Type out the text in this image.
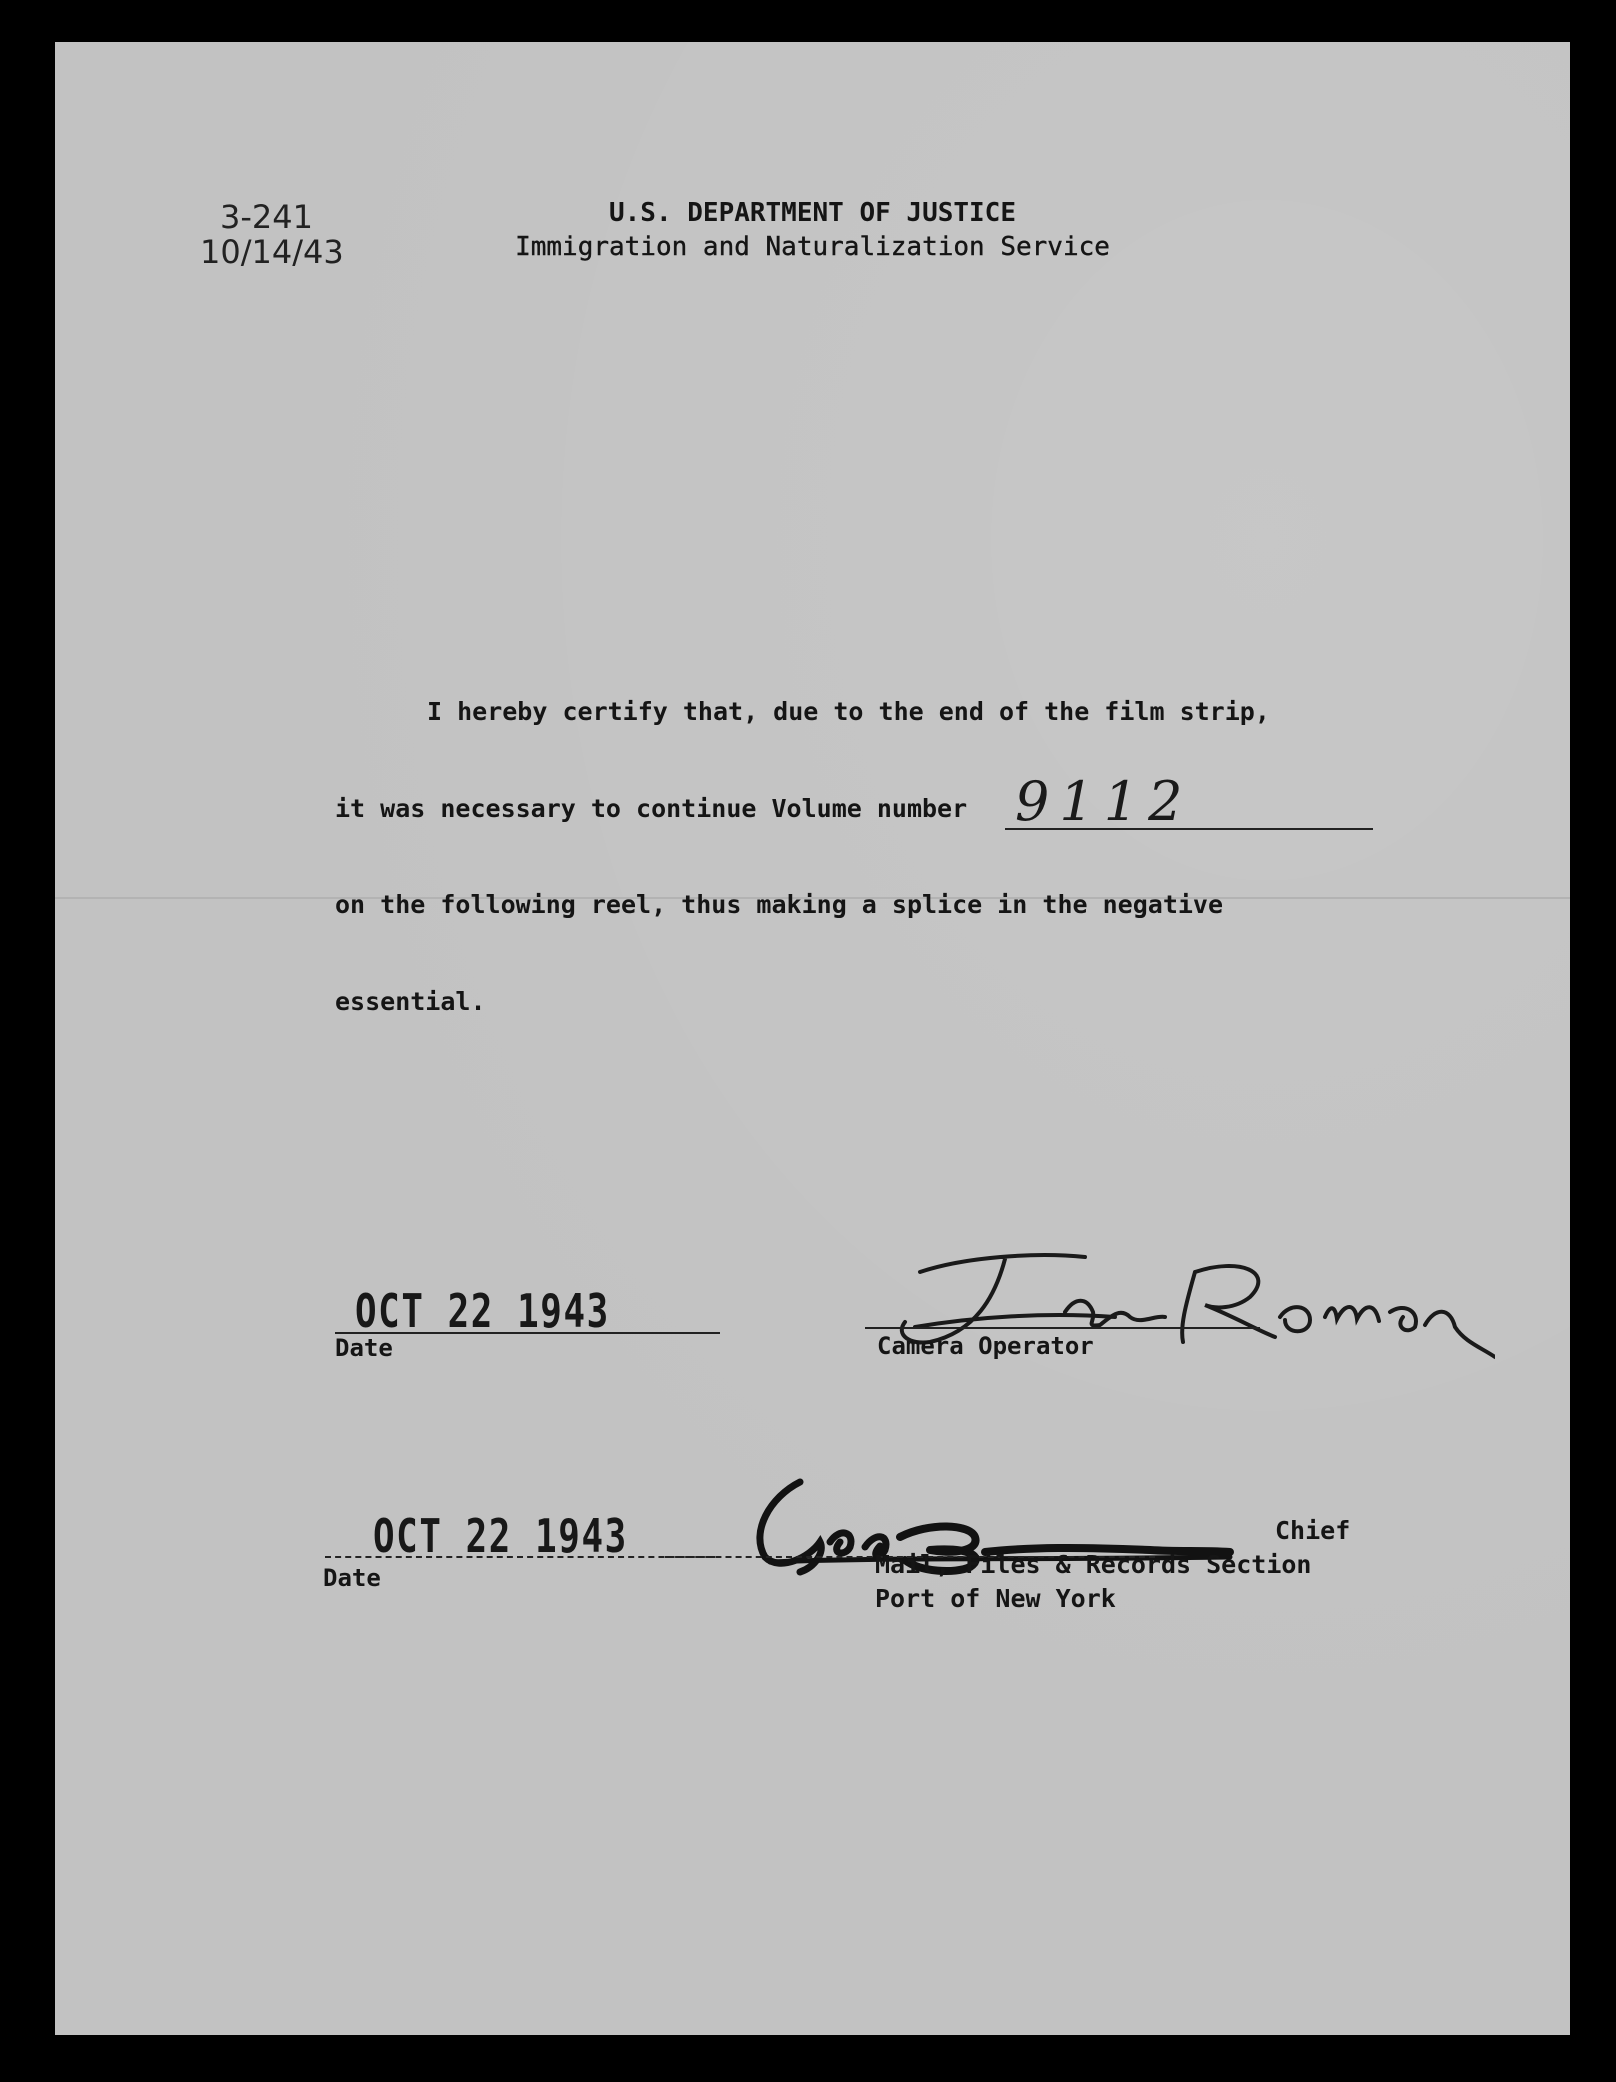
3-241
10/14/43
U.S. DEPARTMENT OF JUSTICE
Immigration and Naturalization Service
I hereby certify that, due to the end of the film strip,
it was necessary to continue Volume number 9112
on the following reel, thus making a splice in the negative
essential.
OCT 22 1943
Date	Camera Operator
OCT 22 1943
Date
Chief
Mail, Files & Records Section
Port of New York
